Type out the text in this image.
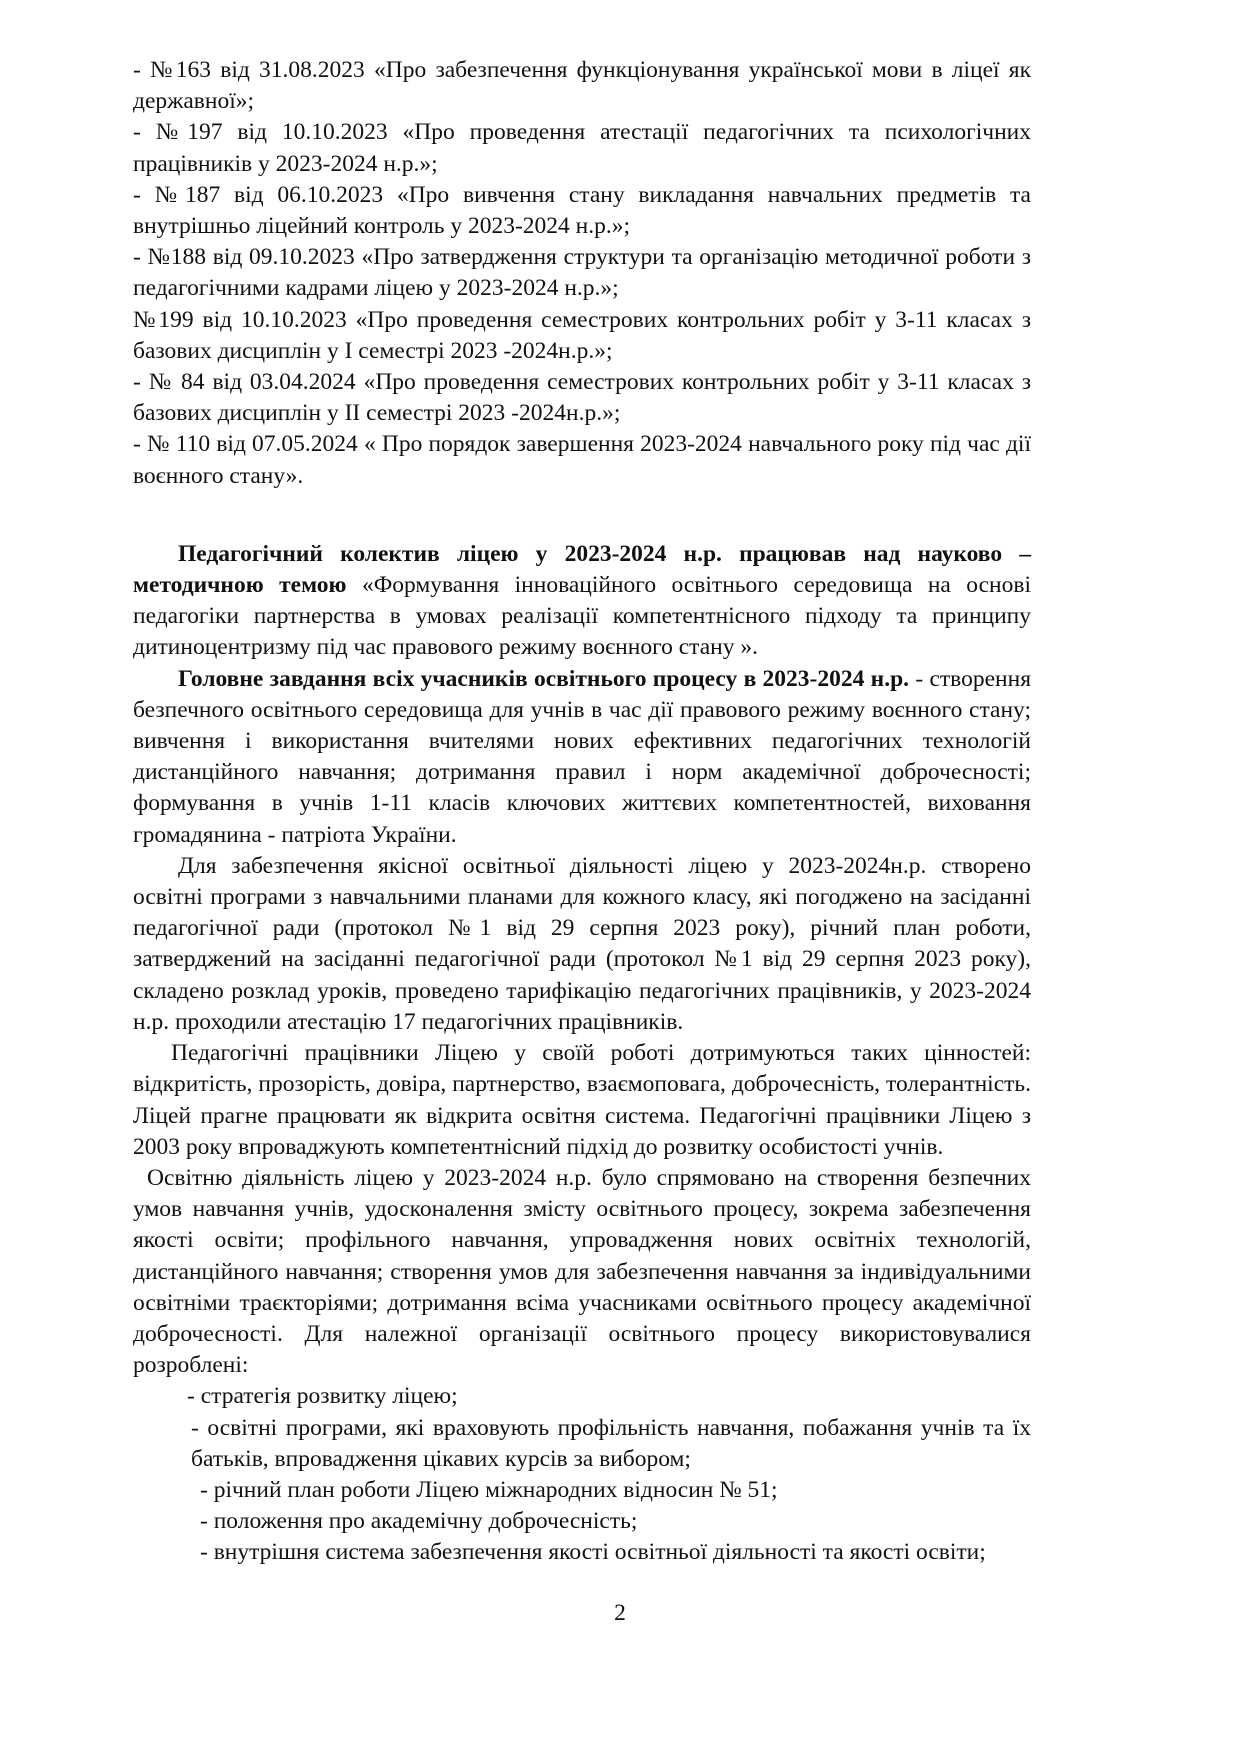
- №163 від 31.08.2023 «Про забезпечення функціонування української мови в ліцеї як державної»;

- №197 від 10.10.2023 «Про проведення атестації педагогічних та психологічних працівників у 2023-2024 н.р.»;

- №187 від 06.10.2023 «Про вивчення стану викладання навчальних предметів та внутрішньо ліцейний контроль у 2023-2024 н.р.»;

- №188 від 09.10.2023 «Про затвердження структури та організацію методичної роботи з педагогічними кадрами ліцею у 2023-2024 н.р.»;

№199 від 10.10.2023 «Про проведення семестрових контрольних робіт у 3-11 класах з базових дисциплін у І семестрі 2023 -2024н.р.»;

- № 84 від 03.04.2024 «Про проведення семестрових контрольних робіт у 3-11 класах з базових дисциплін у ІІ семестрі 2023 -2024н.р.»;

- № 110 від 07.05.2024 « Про порядок завершення 2023-2024 навчального року під час дії воєнного стану».

Педагогічний колектив ліцею у 2023-2024 н.р. працював над науково – методичною темою «Формування інноваційного освітнього середовища на основі педагогіки партнерства в умовах реалізації компетентнісного підходу та принципу дитиноцентризму під час правового режиму воєнного стану ».

Головне завдання всіх учасників освітнього процесу в 2023-2024 н.р. - створення безпечного освітнього середовища для учнів в час дії правового режиму воєнного стану; вивчення і використання вчителями нових ефективних педагогічних технологій дистанційного навчання; дотримання правил і норм академічної доброчесності; формування в учнів 1-11 класів ключових життєвих компетентностей, виховання громадянина - патріота України.

Для забезпечення якісної освітньої діяльності ліцею у 2023-2024н.р. створено освітні програми з навчальними планами для кожного класу, які погоджено на засіданні педагогічної ради (протокол №1 від 29 серпня 2023 року), річний план роботи, затверджений на засіданні педагогічної ради (протокол №1 від 29 серпня 2023 року), складено розклад уроків, проведено тарифікацію педагогічних працівників, у 2023-2024 н.р. проходили атестацію 17 педагогічних працівників.

Педагогічні працівники Ліцею у своїй роботі дотримуються таких цінностей: відкритість, прозорість, довіра, партнерство, взаємоповага, доброчесність, толерантність. Ліцей прагне працювати як відкрита освітня система. Педагогічні працівники Ліцею з 2003 року впроваджують компетентнісний підхід до розвитку особистості учнів.

Освітню діяльність ліцею у 2023-2024 н.р. було спрямовано на створення безпечних умов навчання учнів, удосконалення змісту освітнього процесу, зокрема забезпечення якості освіти; профільного навчання, упровадження нових освітніх технологій, дистанційного навчання; створення умов для забезпечення навчання за індивідуальними освітніми траєкторіями; дотримання всіма учасниками освітнього процесу академічної доброчесності. Для належної організації освітнього процесу використовувалися розроблені:

- стратегія розвитку ліцею;
- освітні програми, які враховують профільність навчання, побажання учнів та їх батьків, впровадження цікавих курсів за вибором;
- річний план роботи Ліцею міжнародних відносин № 51;
- положення про академічну доброчесність;
- внутрішня система забезпечення якості освітньої діяльності та якості освіти;
2
